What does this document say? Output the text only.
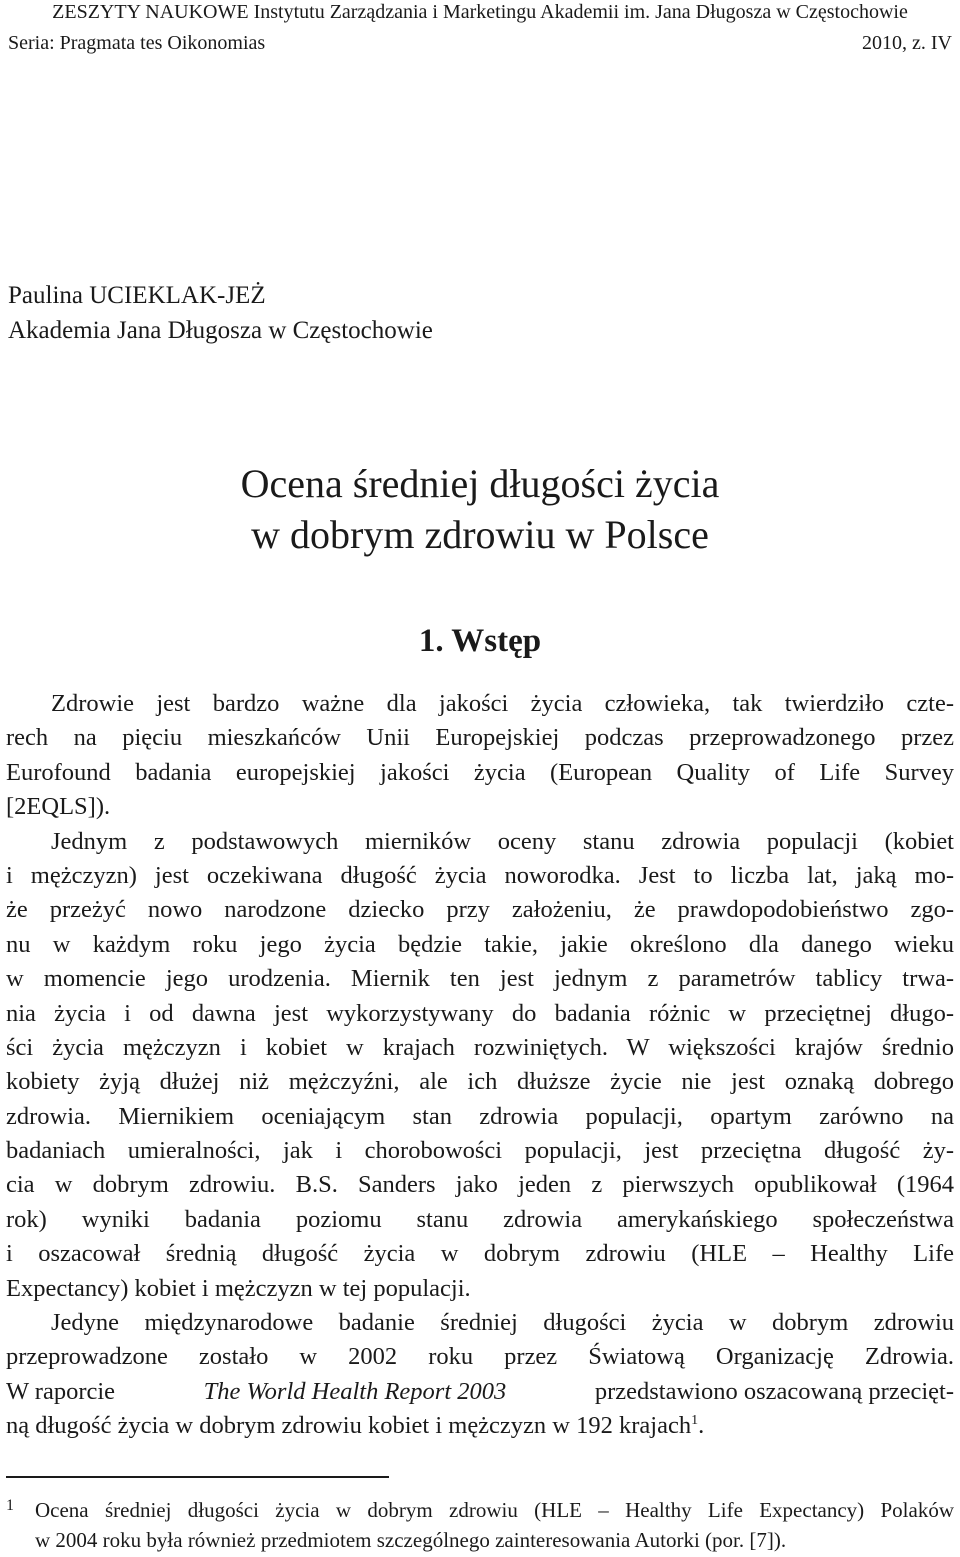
ZESZYTY NAUKOWE Instytutu Zarządzania i Marketingu Akademii im. Jana Długosza w Częstochowie
Seria: Pragmata tes Oikonomias	2010, z. IV
Paulina UCIEKLAK-JEŻ
Akademia Jana Długosza w Częstochowie
Ocena średniej długości życia
w dobrym zdrowiu w Polsce
1. Wstęp
Zdrowie jest bardzo ważne dla jakości życia człowieka, tak twierdziło czte-
rech na pięciu mieszkańców Unii Europejskiej podczas przeprowadzonego przez
Eurofound badania europejskiej jakości życia (European Quality of Life Survey
[2EQLS]).
Jednym z podstawowych mierników oceny stanu zdrowia populacji (kobiet
i mężczyzn) jest oczekiwana długość życia noworodka. Jest to liczba lat, jaką mo-
że przeżyć nowo narodzone dziecko przy założeniu, że prawdopodobieństwo zgo-
nu w każdym roku jego życia będzie takie, jakie określono dla danego wieku
w momencie jego urodzenia. Miernik ten jest jednym z parametrów tablicy trwa-
nia życia i od dawna jest wykorzystywany do badania różnic w przeciętnej długo-
ści życia mężczyzn i kobiet w krajach rozwiniętych. W większości krajów średnio
kobiety żyją dłużej niż mężczyźni, ale ich dłuższe życie nie jest oznaką dobrego
zdrowia. Miernikiem oceniającym stan zdrowia populacji, opartym zarówno na
badaniach umieralności, jak i chorobowości populacji, jest przeciętna długość ży-
cia w dobrym zdrowiu. B.S. Sanders jako jeden z pierwszych opublikował (1964
rok) wyniki badania poziomu stanu zdrowia amerykańskiego społeczeństwa
i oszacował średnią długość życia w dobrym zdrowiu (HLE – Healthy Life
Expectancy) kobiet i mężczyzn w tej populacji.
Jedyne międzynarodowe badanie średniej długości życia w dobrym zdrowiu
przeprowadzone zostało w 2002 roku przez Światową Organizację Zdrowia.
W raporcie	The World Health Report 2003	przedstawiono oszacowaną przecięt-
ną długość życia w dobrym zdrowiu kobiet i mężczyzn w 192 krajach$^1$.
1 Ocena średniej długości życia w dobrym zdrowiu (HLE – Healthy Life Expectancy) Polaków
w 2004 roku była również przedmiotem szczególnego zainteresowania Autorki (por. [7]).
